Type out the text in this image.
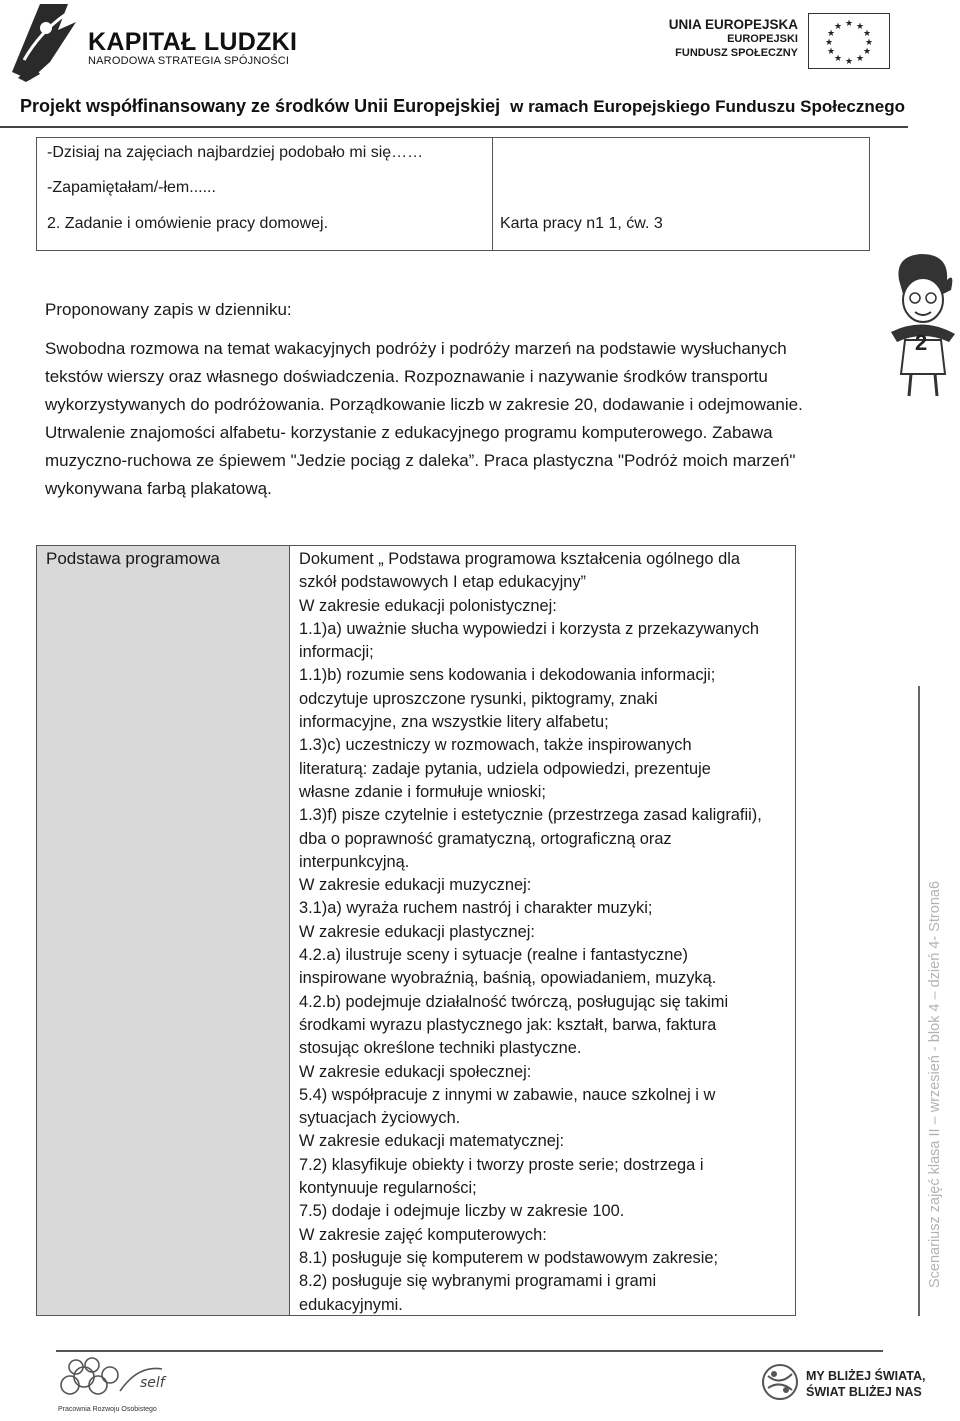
KAPITAŁ LUDZKI
NARODOWA STRATEGIA SPÓJNOŚCI
UNIA EUROPEJSKA
EUROPEJSKI
FUNDUSZ SPOŁECZNY
★ ★
★
★
★
★
★
★
★
★
★
★
Projekt współfinansowany ze środków Unii Europejskiej w ramach Europejskiego Funduszu Społecznego
-Dzisiaj na zajęciach najbardziej podobało mi się……
-Zapamiętałam/-łem......
2. Zadanie i omówienie pracy domowej.	Karta pracy n1 1, ćw. 3
Proponowany zapis w dzienniku:
Swobodna rozmowa na temat wakacyjnych podróży i podróży marzeń na podstawie wysłuchanych
tekstów wierszy oraz własnego doświadczenia. Rozpoznawanie i nazywanie środków transportu
wykorzystywanych do podróżowania. Porządkowanie liczb w zakresie 20, dodawanie i odejmowanie.
Utrwalenie znajomości alfabetu- korzystanie z edukacyjnego programu komputerowego. Zabawa
muzyczno-ruchowa ze śpiewem "Jedzie pociąg z daleka”. Praca plastyczna "Podróż moich marzeń"
wykonywana farbą plakatową.
2
Podstawa programowa	Dokument „ Podstawa programowa kształcenia ogólnego dla
szkół podstawowych I etap edukacyjny”
W zakresie edukacji polonistycznej:
1.1)a) uważnie słucha wypowiedzi i korzysta z przekazywanych
informacji;
1.1)b) rozumie sens kodowania i dekodowania informacji;
odczytuje uproszczone rysunki, piktogramy, znaki
informacyjne, zna wszystkie litery alfabetu;
1.3)c) uczestniczy w rozmowach, także inspirowanych
literaturą: zadaje pytania, udziela odpowiedzi, prezentuje
własne zdanie i formułuje wnioski;
1.3)f) pisze czytelnie i estetycznie (przestrzega zasad kaligrafii),
dba o poprawność gramatyczną, ortograficzną oraz
interpunkcyjną.
W zakresie edukacji muzycznej:
3.1)a) wyraża ruchem nastrój i charakter muzyki;
W zakresie edukacji plastycznej:
4.2.a) ilustruje sceny i sytuacje (realne i fantastyczne)
inspirowane wyobraźnią, baśnią, opowiadaniem, muzyką.
4.2.b) podejmuje działalność twórczą, posługując się takimi
środkami wyrazu plastycznego jak: kształt, barwa, faktura
stosując określone techniki plastyczne.
W zakresie edukacji społecznej:
5.4) współpracuje z innymi w zabawie, nauce szkolnej i w
sytuacjach życiowych.
W zakresie edukacji matematycznej:
7.2) klasyfikuje obiekty i tworzy proste serie; dostrzega i
kontynuuje regularności;
7.5) dodaje i odejmuje liczby w zakresie 100.
W zakresie zajęć komputerowych:
8.1) posługuje się komputerem w podstawowym zakresie;
8.2) posługuje się wybranymi programami i grami
edukacyjnymi.
Scenariusz zajęć klasa II – wrzesień - blok 4 – dzień 4- Strona6
self
Pracownia Rozwoju Osobistego
MY BLIŻEJ ŚWIATA,
ŚWIAT BLIŻEJ NAS
